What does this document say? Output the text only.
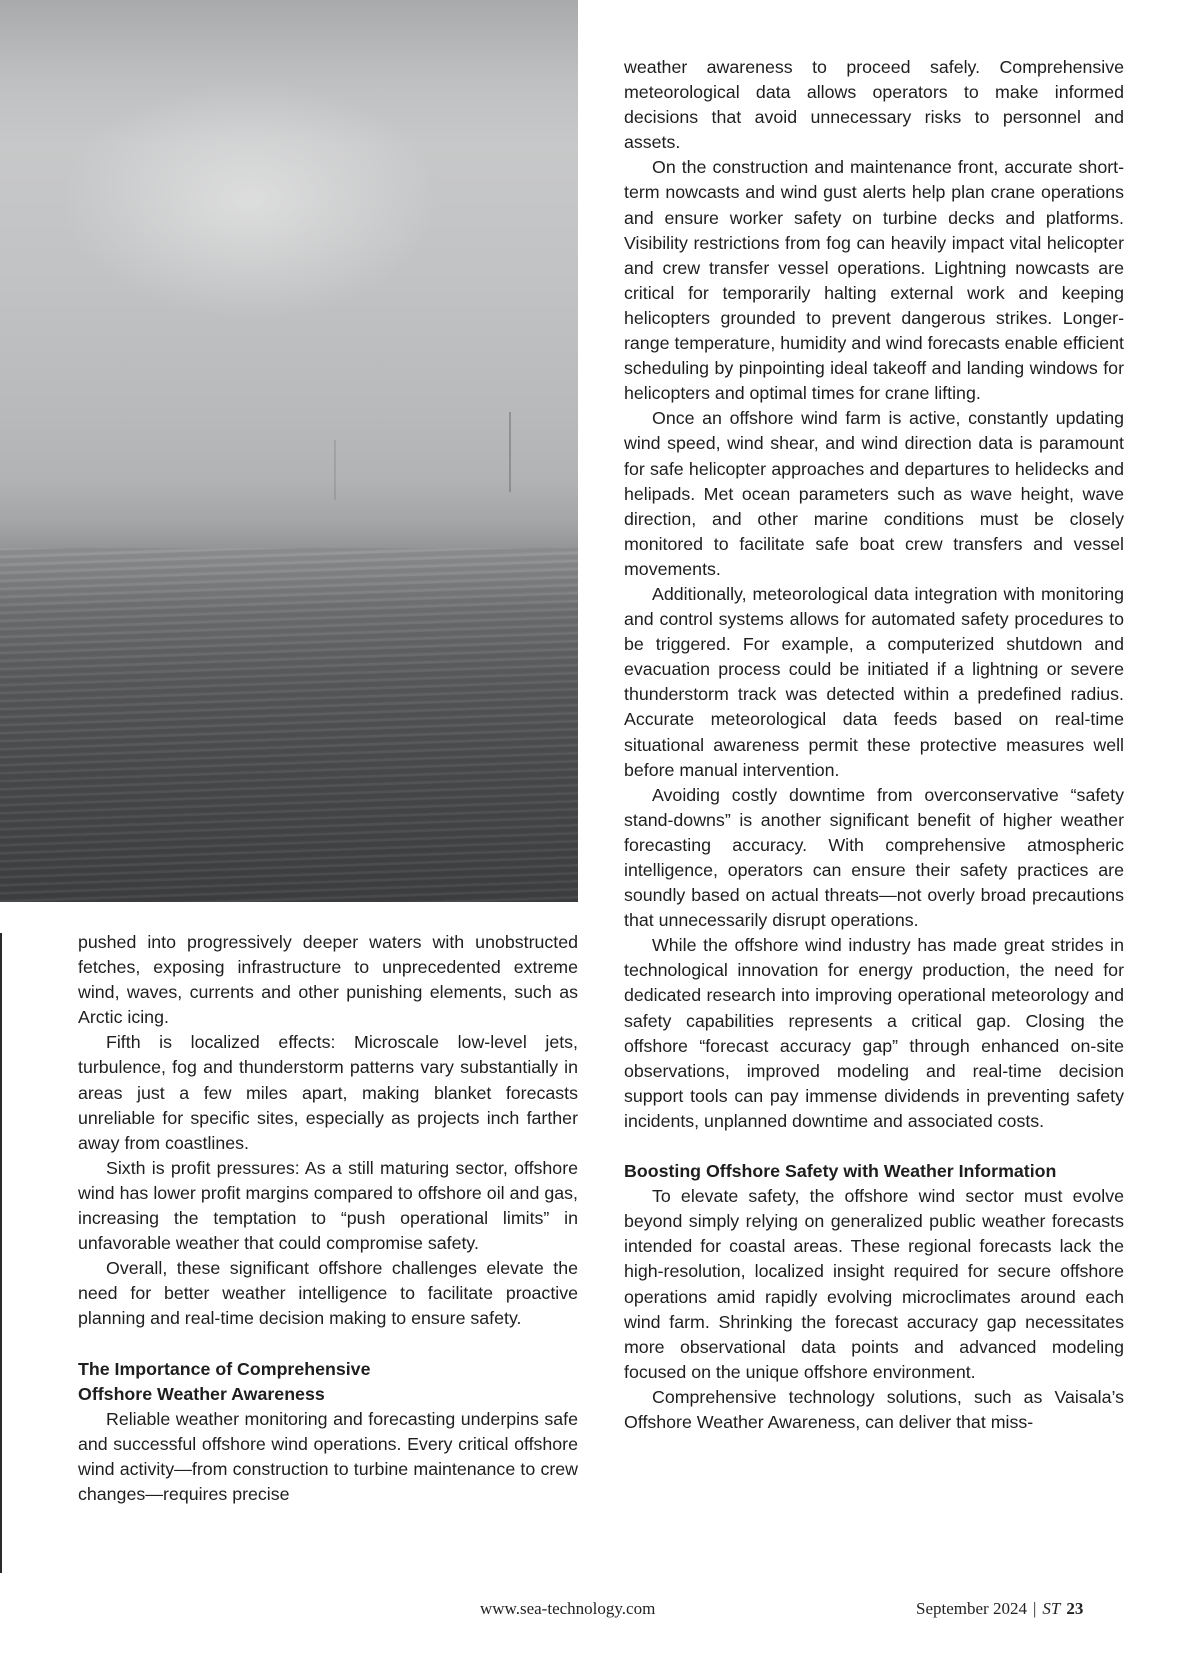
pushed into progressively deeper waters with unobstructed fetches, exposing infrastructure to unprecedented extreme wind, waves, currents and other punishing elements, such as Arctic icing.

Fifth is localized effects: Microscale low-level jets, turbulence, fog and thunderstorm patterns vary substantially in areas just a few miles apart, making blanket forecasts unreliable for specific sites, especially as projects inch farther away from coastlines.

Sixth is profit pressures: As a still maturing sector, offshore wind has lower profit margins compared to offshore oil and gas, increasing the temptation to “push operational limits” in unfavorable weather that could compromise safety.

Overall, these significant offshore challenges elevate the need for better weather intelligence to facilitate proactive planning and real-time decision making to ensure safety.

The Importance of Comprehensive
Offshore Weather Awareness

Reliable weather monitoring and forecasting underpins safe and successful offshore wind operations. Every critical offshore wind activity—from construction to turbine maintenance to crew changes—requires precise

weather awareness to proceed safely. Comprehensive meteorological data allows operators to make informed decisions that avoid unnecessary risks to personnel and assets.

On the construction and maintenance front, accurate short-term nowcasts and wind gust alerts help plan crane operations and ensure worker safety on turbine decks and platforms. Visibility restrictions from fog can heavily impact vital helicopter and crew transfer vessel operations. Lightning nowcasts are critical for temporarily halting external work and keeping helicopters grounded to prevent dangerous strikes. Longer-range temperature, humidity and wind forecasts enable efficient scheduling by pinpointing ideal takeoff and landing windows for helicopters and optimal times for crane lifting.

Once an offshore wind farm is active, constantly updating wind speed, wind shear, and wind direction data is paramount for safe helicopter approaches and departures to helidecks and helipads. Met ocean parameters such as wave height, wave direction, and other marine conditions must be closely monitored to facilitate safe boat crew transfers and vessel movements.

Additionally, meteorological data integration with monitoring and control systems allows for automated safety procedures to be triggered. For example, a computerized shutdown and evacuation process could be initiated if a lightning or severe thunderstorm track was detected within a predefined radius. Accurate meteorological data feeds based on real-time situational awareness permit these protective measures well before manual intervention.

Avoiding costly downtime from overconservative “safety stand-downs” is another significant benefit of higher weather forecasting accuracy. With comprehensive atmospheric intelligence, operators can ensure their safety practices are soundly based on actual threats—not overly broad precautions that unnecessarily disrupt operations.

While the offshore wind industry has made great strides in technological innovation for energy production, the need for dedicated research into improving operational meteorology and safety capabilities represents a critical gap. Closing the offshore “forecast accuracy gap” through enhanced on-site observations, improved modeling and real-time decision support tools can pay immense dividends in preventing safety incidents, unplanned downtime and associated costs.

Boosting Offshore Safety with Weather Information

To elevate safety, the offshore wind sector must evolve beyond simply relying on generalized public weather forecasts intended for coastal areas. These regional forecasts lack the high-resolution, localized insight required for secure offshore operations amid rapidly evolving microclimates around each wind farm. Shrinking the forecast accuracy gap necessitates more observational data points and advanced modeling focused on the unique offshore environment.

Comprehensive technology solutions, such as Vaisala’s Offshore Weather Awareness, can deliver that miss-

www.sea-technology.com	September 2024 | ST 23
